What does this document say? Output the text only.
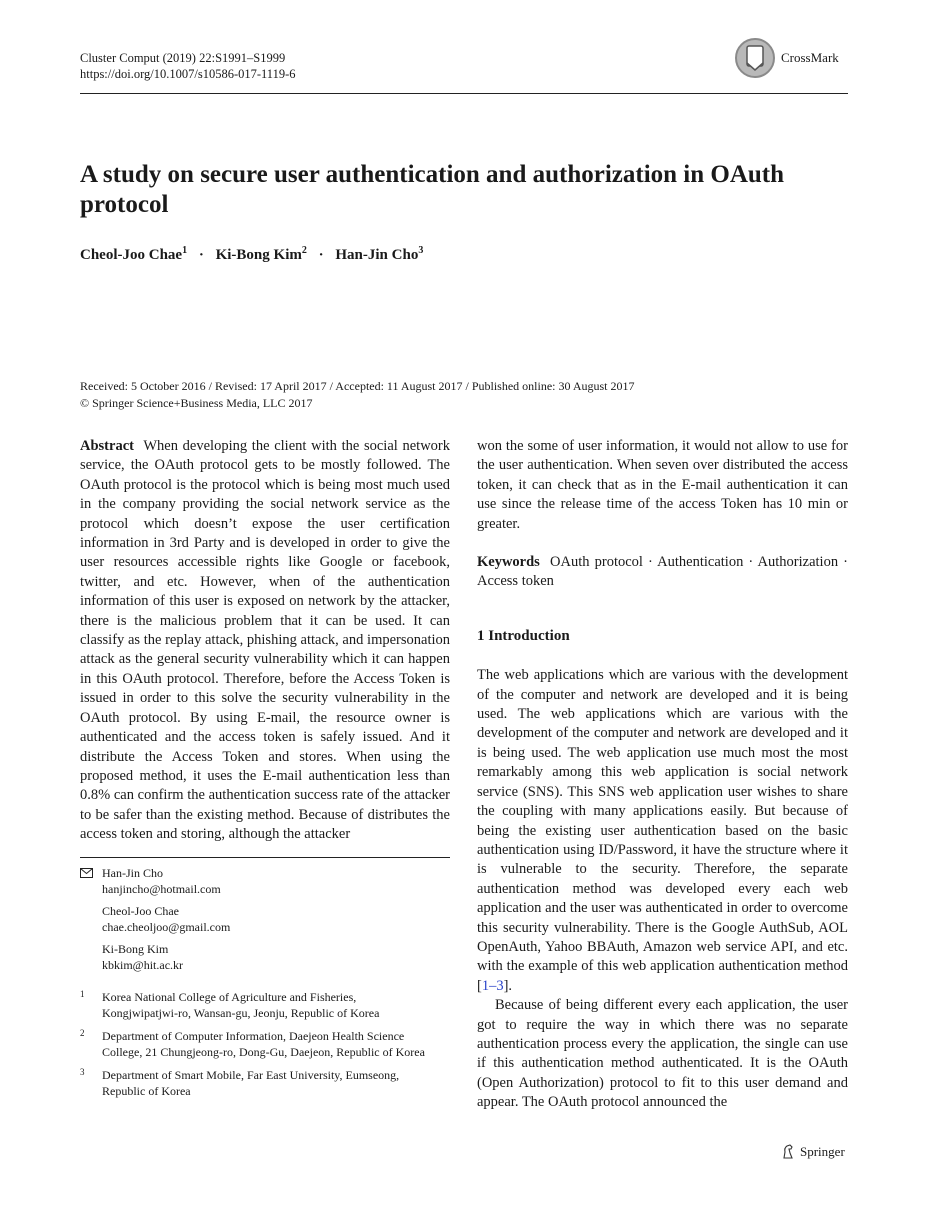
Cluster Comput (2019) 22:S1991–S1999
https://doi.org/10.1007/s10586-017-1119-6
CrossMark
A study on secure user authentication and authorization in OAuth protocol
Cheol-Joo Chae$^1$ · Ki-Bong Kim$^2$ · Han-Jin Cho$^3$
Received: 5 October 2016 / Revised: 17 April 2017 / Accepted: 11 August 2017 / Published online: 30 August 2017
© Springer Science+Business Media, LLC 2017

Abstract When developing the client with the social network service, the OAuth protocol gets to be mostly followed. The OAuth protocol is the protocol which is being most much used in the company providing the social network service as the protocol which doesn’t expose the user certification information in 3rd Party and is developed in order to give the user resources accessible rights like Google or facebook, twitter, and etc. However, when of the authentication information of this user is exposed on network by the attacker, there is the malicious problem that it can be used. It can classify as the replay attack, phishing attack, and impersonation attack as the general security vulnerability which it can happen in this OAuth protocol. Therefore, before the Access Token is issued in order to this solve the security vulnerability in the OAuth protocol. By using E-mail, the resource owner is authenticated and the access token is safely issued. And it distribute the Access Token and stores. When using the proposed method, it uses the E-mail authentication less than 0.8% can confirm the authentication success rate of the attacker to be safer than the existing method. Because of distributes the access token and storing, although the attacker

Han-Jin Cho
hanjincho@hotmail.com
Cheol-Joo Chae
chae.cheoljoo@gmail.com
Ki-Bong Kim
kbkim@hit.ac.kr
1 Korea National College of Agriculture and Fisheries, Kongjwipatjwi-ro, Wansan-gu, Jeonju, Republic of Korea
2 Department of Computer Information, Daejeon Health Science College, 21 Chungjeong-ro, Dong-Gu, Daejeon, Republic of Korea
3 Department of Smart Mobile, Far East University, Eumseong, Republic of Korea

won the some of user information, it would not allow to use for the user authentication. When seven over distributed the access token, it can check that as in the E-mail authentication it can use since the release time of the access Token has 10 min or greater.

Keywords OAuth protocol · Authentication · Authorization · Access token

1 Introduction

The web applications which are various with the development of the computer and network are developed and it is being used. The web applications which are various with the development of the computer and network are developed and it is being used. The web application use much most the most remarkably among this web application is social network service (SNS). This SNS web application user wishes to share the coupling with many applications easily. But because of being the existing user authentication based on the basic authentication using ID/Password, it have the structure where it is vulnerable to the security. Therefore, the separate authentication method was developed every each web application and the user was authenticated in order to overcome this security vulnerability. There is the Google AuthSub, AOL OpenAuth, Yahoo BBAuth, Amazon web service API, and etc. with the example of this web application authentication method [1–3].

Because of being different every each application, the user got to require the way in which there was no separate authentication process every the application, the single can use if this authentication method authenticated. It is the OAuth (Open Authorization) protocol to fit to this user demand and appear. The OAuth protocol announced the

Springer
